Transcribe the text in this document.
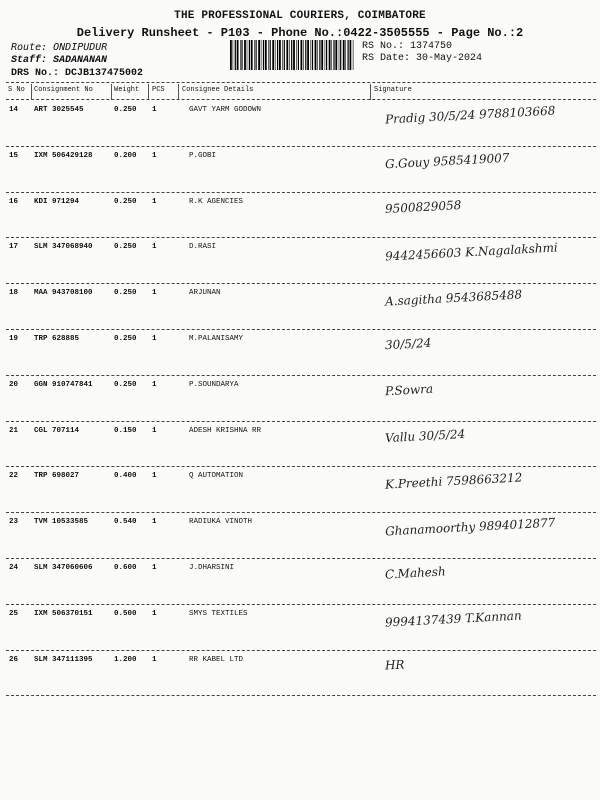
THE PROFESSIONAL COURIERS, COIMBATORE
Delivery Runsheet - P103 - Phone No.:0422-3505555 - Page No.:2
Route: ONDIPUDUR
Staff: SADANANAN
DRS No.: DCJB137475002
RS No.: 1374750
RS Date: 30-May-2024
S No Consignment No	Weight PCS Consignee Details	Signature
14 ART 3025545	0.250 1	GAVT YARM GODOWN	Pradig 30/5/24 9788103668
15 IXM 506429128	0.200 1	P.GOBI	G.Gouy 9585419007
16 KDI 971294	0.250 1	R.K AGENCIES	9500829058
17 SLM 347068940	0.250 1	D.RASI	9442456603 K.Nagalakshmi
18 MAA 943708100	0.250 1	ARJUNAN	A.sagitha 9543685488
19 TRP 628885	0.250 1	M.PALANISAMY	30/5/24
20 GGN 910747841	0.250 1	P.SOUNDARYA	P.Sowra
21 CGL 707114	0.150 1	ADESH KRISHNA RR	Vallu 30/5/24
22 TRP 698027	0.400 1	Q AUTOMATION	K.Preethi 7598663212
23 TVM 10533585	0.540 1	RADIUKA VINOTH	Ghanamoorthy 9894012877
24 SLM 347060606	0.600 1	J.DHARSINI	C.Mahesh
25 IXM 506370151	0.500 1	SMYS TEXTILES	9994137439 T.Kannan
26 SLM 347111395	1.200 1	RR KABEL LTD	HR
